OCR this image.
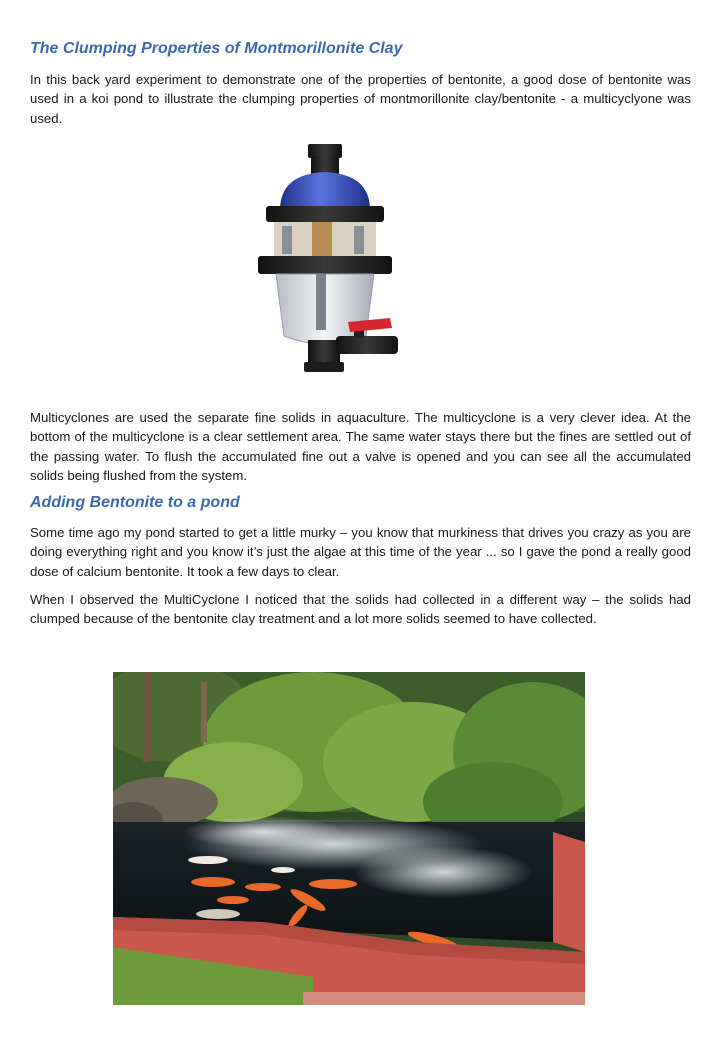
The Clumping Properties of Montmorillonite Clay

In this back yard experiment to demonstrate one of the properties of bentonite, a good dose of bentonite was used in a koi pond to illustrate the clumping properties of montmorillonite clay/bentonite - a multicyclyone was used.

Multicyclones are used the separate fine solids in aquaculture. The multicyclone is a very clever idea. At the bottom of the multicyclone is a clear settlement area. The same water stays there but the fines are settled out of the passing water. To flush the accumulated fine out a valve is opened and you can see all the accumulated solids being flushed from the system.

Adding Bentonite to a pond

Some time ago my pond started to get a little murky – you know that murkiness that drives you crazy as you are doing everything right and you know it’s just the algae at this time of the year ... so I gave the pond a really good dose of calcium bentonite. It took a few days to clear.

When I observed the MultiCyclone I noticed that the solids had collected in a different way – the solids had clumped because of the bentonite clay treatment and a lot more solids seemed to have collected.
